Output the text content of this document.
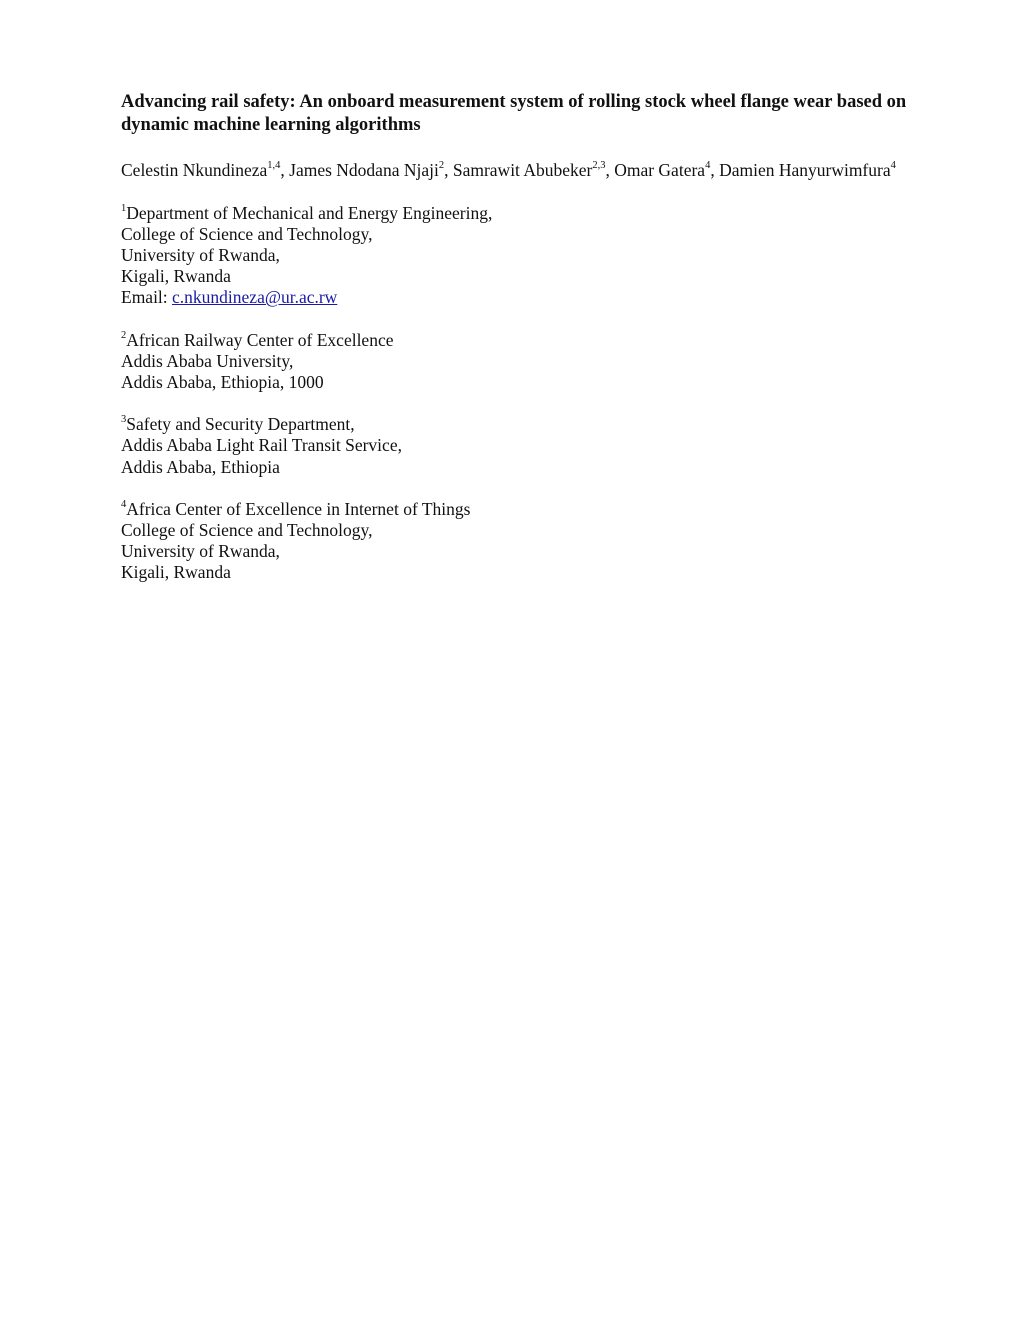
Advancing rail safety: An onboard measurement system of rolling stock wheel flange wear based on dynamic machine learning algorithms
Celestin Nkundineza$^{1,4}$, James Ndodana Njaji$^2$, Samrawit Abubeker$^{2,3}$, Omar Gatera$^4$, Damien Hanyurwimfura$^4$
$^1$Department of Mechanical and Energy Engineering,
College of Science and Technology,
University of Rwanda,
Kigali, Rwanda
Email: c.nkundineza@ur.ac.rw
$^2$African Railway Center of Excellence
Addis Ababa University,
Addis Ababa, Ethiopia, 1000
$^3$Safety and Security Department,
Addis Ababa Light Rail Transit Service,
Addis Ababa, Ethiopia
$^4$Africa Center of Excellence in Internet of Things
College of Science and Technology,
University of Rwanda,
Kigali, Rwanda
